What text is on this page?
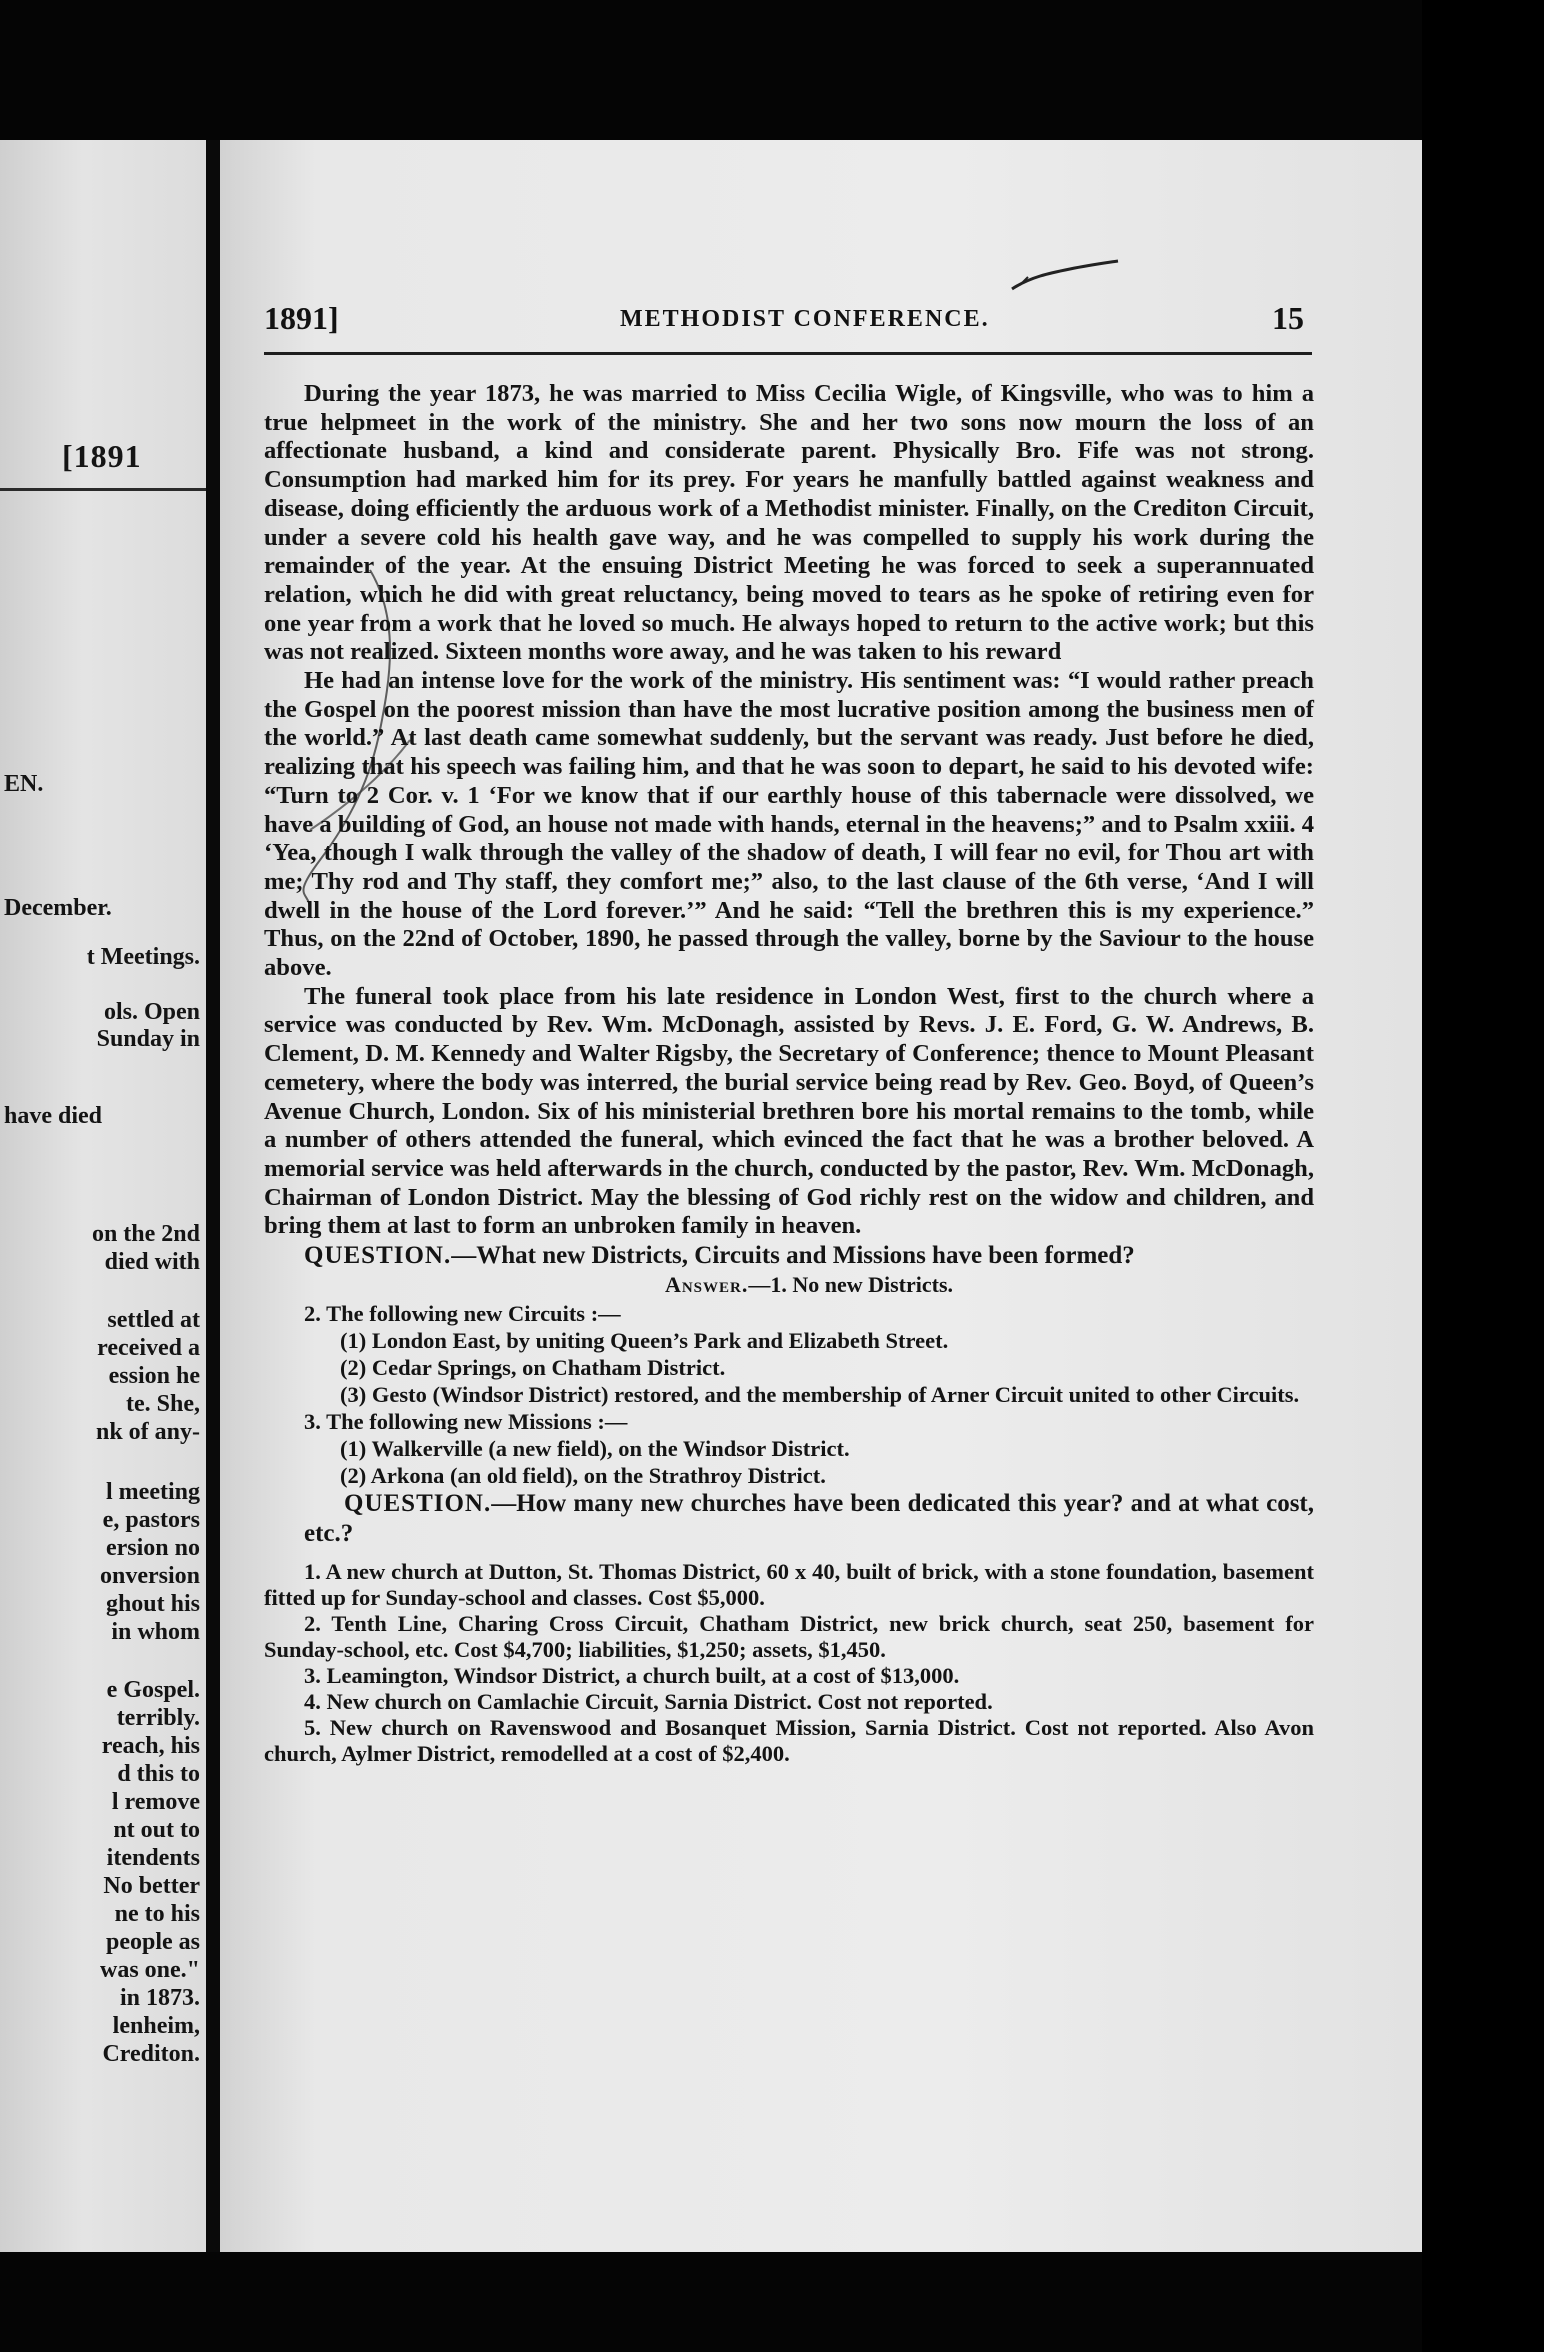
[1891
EN.
December.
t Meetings.
ols. Open
Sunday in
have died
on the 2nd
died with
settled at
received a
ession he
te. She,
nk of any-
l meeting
e, pastors
ersion no
onversion
ghout his
in whom
e Gospel.
terribly.
reach, his
d this to
l remove
nt out to
itendents
No better
ne to his
people as
was one."
in 1873.
lenheim,
Crediton.
1891]	METHODIST CONFERENCE.	15

During the year 1873, he was married to Miss Cecilia Wigle, of Kingsville, who was to him a true helpmeet in the work of the ministry. She and her two sons now mourn the loss of an affectionate husband, a kind and considerate parent. Physically Bro. Fife was not strong. Consumption had marked him for its prey. For years he manfully battled against weakness and disease, doing efficiently the arduous work of a Methodist minister. Finally, on the Crediton Circuit, under a severe cold his health gave way, and he was compelled to supply his work during the remainder of the year. At the ensuing District Meeting he was forced to seek a superannuated relation, which he did with great reluctancy, being moved to tears as he spoke of retiring even for one year from a work that he loved so much. He always hoped to return to the active work; but this was not realized. Sixteen months wore away, and he was taken to his reward

He had an intense love for the work of the ministry. His sentiment was: “I would rather preach the Gospel on the poorest mission than have the most lucrative position among the business men of the world.” At last death came somewhat suddenly, but the servant was ready. Just before he died, realizing that his speech was failing him, and that he was soon to depart, he said to his devoted wife: “Turn to 2 Cor. v. 1 ‘For we know that if our earthly house of this tabernacle were dissolved, we have a building of God, an house not made with hands, eternal in the heavens;” and to Psalm xxiii. 4 ‘Yea, though I walk through the valley of the shadow of death, I will fear no evil, for Thou art with me; Thy rod and Thy staff, they comfort me;” also, to the last clause of the 6th verse, ‘And I will dwell in the house of the Lord forever.’” And he said: “Tell the brethren this is my experience.” Thus, on the 22nd of October, 1890, he passed through the valley, borne by the Saviour to the house above.

The funeral took place from his late residence in London West, first to the church where a service was conducted by Rev. Wm. McDonagh, assisted by Revs. J. E. Ford, G. W. Andrews, B. Clement, D. M. Kennedy and Walter Rigsby, the Secretary of Conference; thence to Mount Pleasant cemetery, where the body was interred, the burial service being read by Rev. Geo. Boyd, of Queen’s Avenue Church, London. Six of his ministerial brethren bore his mortal remains to the tomb, while a number of others attended the funeral, which evinced the fact that he was a brother beloved. A memorial service was held afterwards in the church, conducted by the pastor, Rev. Wm. McDonagh, Chairman of London District. May the blessing of God richly rest on the widow and children, and bring them at last to form an unbroken family in heaven.

QUESTION.—What new Districts, Circuits and Missions have been formed?

Answer.—1. No new Districts.

2. The following new Circuits :—

(1) London East, by uniting Queen’s Park and Elizabeth Street.

(2) Cedar Springs, on Chatham District.

(3) Gesto (Windsor District) restored, and the membership of Arner Circuit united to other Circuits.

3. The following new Missions :—

(1) Walkerville (a new field), on the Windsor District.

(2) Arkona (an old field), on the Strathroy District.

QUESTION.—How many new churches have been dedicated this year? and at what cost, etc.?

1. A new church at Dutton, St. Thomas District, 60 x 40, built of brick, with a stone foundation, basement fitted up for Sunday-school and classes. Cost $5,000.

2. Tenth Line, Charing Cross Circuit, Chatham District, new brick church, seat 250, basement for Sunday-school, etc. Cost $4,700; liabilities, $1,250; assets, $1,450.

3. Leamington, Windsor District, a church built, at a cost of $13,000.

4. New church on Camlachie Circuit, Sarnia District. Cost not reported.

5. New church on Ravenswood and Bosanquet Mission, Sarnia District. Cost not reported. Also Avon church, Aylmer District, remodelled at a cost of $2,400.
